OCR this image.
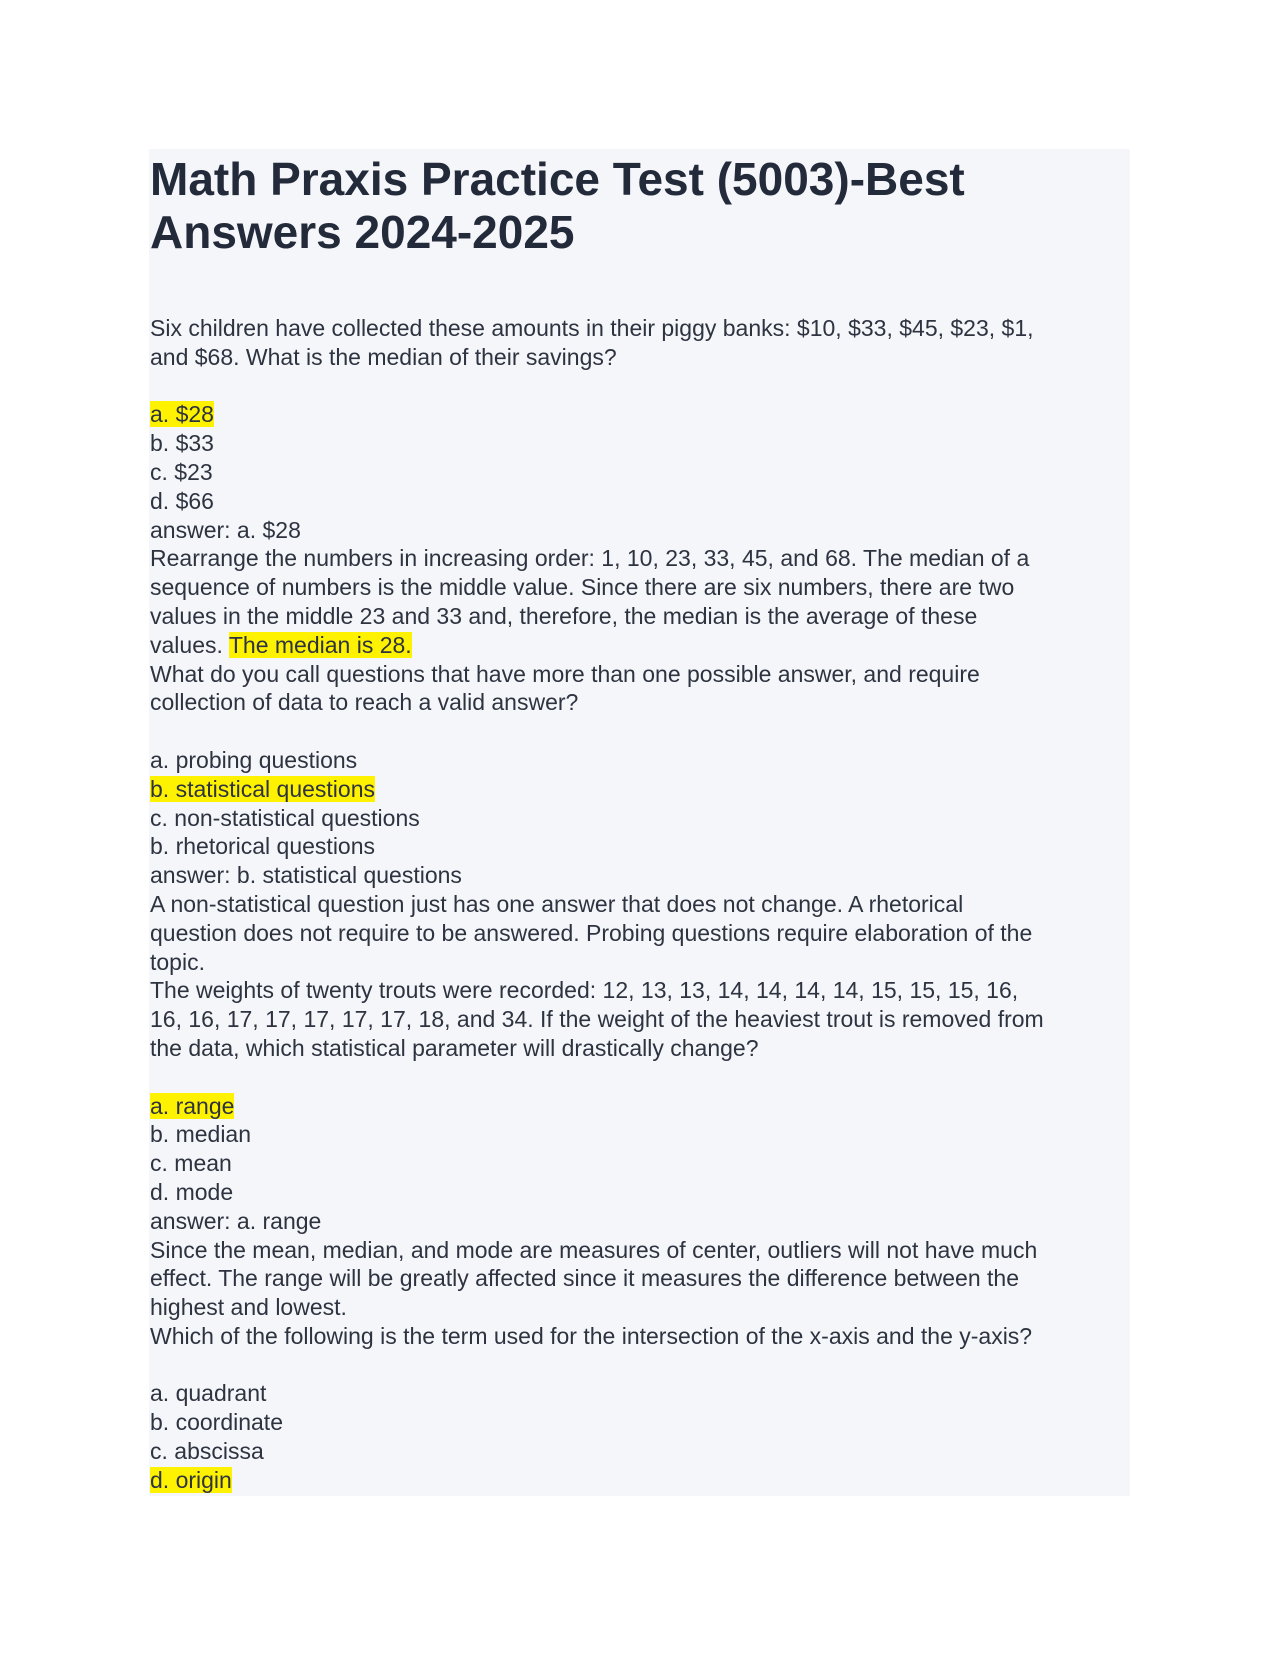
Math Praxis Practice Test (5003)-Best
Answers 2024-2025
Six children have collected these amounts in their piggy banks: $10, $33, $45, $23, $1,
and $68. What is the median of their savings?
a. $28
b. $33
c. $23
d. $66
answer: a. $28
Rearrange the numbers in increasing order: 1, 10, 23, 33, 45, and 68. The median of a
sequence of numbers is the middle value. Since there are six numbers, there are two
values in the middle 23 and 33 and, therefore, the median is the average of these
values. The median is 28.
What do you call questions that have more than one possible answer, and require
collection of data to reach a valid answer?
a. probing questions
b. statistical questions
c. non-statistical questions
b. rhetorical questions
answer: b. statistical questions
A non-statistical question just has one answer that does not change. A rhetorical
question does not require to be answered. Probing questions require elaboration of the
topic.
The weights of twenty trouts were recorded: 12, 13, 13, 14, 14, 14, 14, 15, 15, 15, 16,
16, 16, 17, 17, 17, 17, 17, 18, and 34. If the weight of the heaviest trout is removed from
the data, which statistical parameter will drastically change?
a. range
b. median
c. mean
d. mode
answer: a. range
Since the mean, median, and mode are measures of center, outliers will not have much
effect. The range will be greatly affected since it measures the difference between the
highest and lowest.
Which of the following is the term used for the intersection of the x-axis and the y-axis?
a. quadrant
b. coordinate
c. abscissa
d. origin
